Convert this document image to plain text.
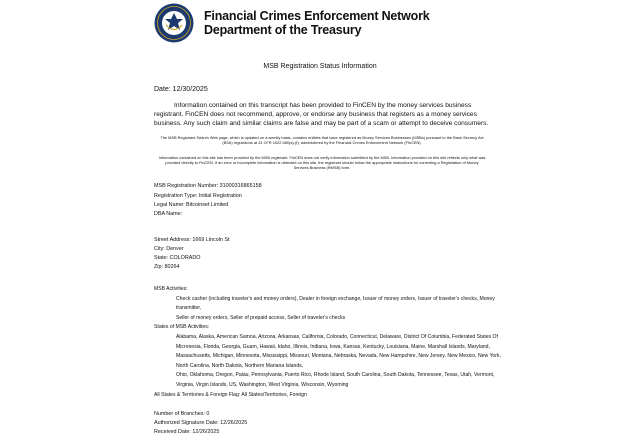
Financial Crimes Enforcement Network
Department of the Treasury
MSB Registration Status Information
Date: 12/30/2025
Information contained on this transcript has been provided to FinCEN by the money services business registrant. FinCEN does not recommend, approve, or endorse any business that registers as a money services business. Any such claim and similar claims are false and may be part of a scam or attempt to deceive consumers.
The MSB Registrant Search Web page, which is updated on a weekly basis, contains entities that have registered as Money Services Businesses (MSBs) pursuant to the Bank Secrecy Act (BSA) regulations at 31 CFR 1022.380(a)-(f), administered by the Financial Crimes Enforcement Network (FinCEN).
Information contained on this site has been provided by the MSB registrant. FinCEN does not verify information submitted by the MSB. Information provided on this site reflects only what was provided directly to FinCEN. If an error or incomplete information is detected on this site, the registrant should follow the appropriate instructions for correcting a Registration of Money Services Business (RMSB) form.
MSB Registration Number: 31000316865158
Registration Type: Initial Registration
Legal Name: Bitcoinset Limited
DBA Name:
Street Address: 1669 Lincoln St
City: Denver
State: COLORADO
Zip: 80264
MSB Activities:
Check casher (including traveler's and money orders), Dealer in foreign exchange, Issuer of money orders, Issuer of traveler's checks, Money transmitter,
Seller of money orders, Seller of prepaid access, Seller of traveler's checks
States of MSB Activities:
Alabama, Alaska, American Samoa, Arizona, Arkansas, California, Colorado, Connecticut, Delaware, District Of Columbia, Federated States Of Micronesia, Florida, Georgia, Guam, Hawaii, Idaho, Illinois, Indiana, Iowa, Kansas, Kentucky, Louisiana, Maine, Marshall Islands, Maryland, Massachusetts, Michigan, Minnesota, Mississippi, Missouri, Montana, Nebraska, Nevada, New Hampshire, New Jersey, New Mexico, New York, North Carolina, North Dakota, Northern Mariana Islands,
Ohio, Oklahoma, Oregon, Palau, Pennsylvania, Puerto Rico, Rhode Island, South Carolina, South Dakota, Tennessee, Texas, Utah, Vermont, Virginia, Virgin Islands, US, Washington, West Virginia, Wisconsin, Wyoming
All States & Territories & Foreign Flag: All States/Territories, Foreign
Number of Branches: 0
Authorized Signature Date: 12/26/2025
Received Date: 12/26/2025
